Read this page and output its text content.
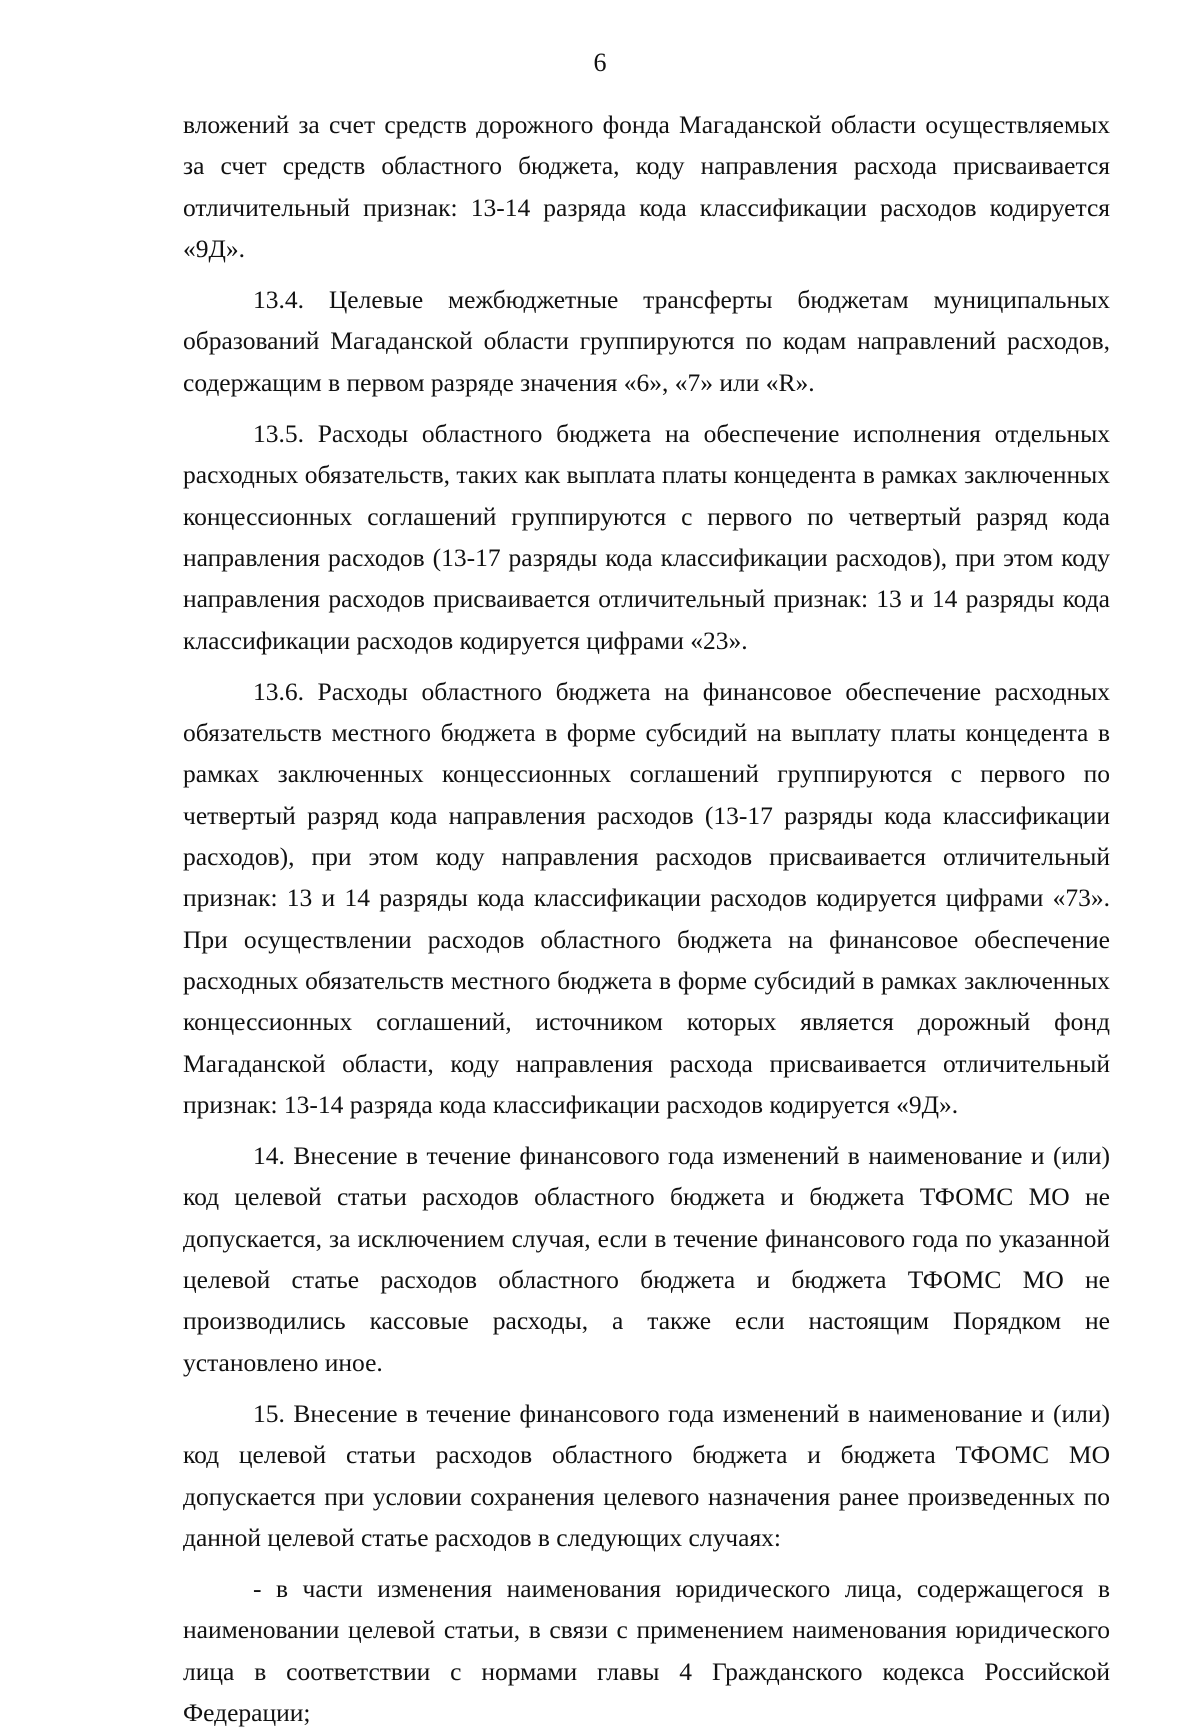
6

вложений за счет средств дорожного фонда Магаданской области осуществляемых за счет средств областного бюджета, коду направления расхода присваивается отличительный признак: 13-14 разряда кода классификации расходов кодируется «9Д».

13.4. Целевые межбюджетные трансферты бюджетам муниципальных образований Магаданской области группируются по кодам направлений расходов, содержащим в первом разряде значения «6», «7» или «R».

13.5. Расходы областного бюджета на обеспечение исполнения отдельных расходных обязательств, таких как выплата платы концедента в рамках заключенных концессионных соглашений группируются с первого по четвертый разряд кода направления расходов (13-17 разряды кода классификации расходов), при этом коду направления расходов присваивается отличительный признак: 13 и 14 разряды кода классификации расходов кодируется цифрами «23».

13.6. Расходы областного бюджета на финансовое обеспечение расходных обязательств местного бюджета в форме субсидий на выплату платы концедента в рамках заключенных концессионных соглашений группируются с первого по четвертый разряд кода направления расходов (13-17 разряды кода классификации расходов), при этом коду направления расходов присваивается отличительный признак: 13 и 14 разряды кода классификации расходов кодируется цифрами «73». При осуществлении расходов областного бюджета на финансовое обеспечение расходных обязательств местного бюджета в форме субсидий в рамках заключенных концессионных соглашений, источником которых является дорожный фонд Магаданской области, коду направления расхода присваивается отличительный признак: 13-14 разряда кода классификации расходов кодируется «9Д».

14. Внесение в течение финансового года изменений в наименование и (или) код целевой статьи расходов областного бюджета и бюджета ТФОМС МО не допускается, за исключением случая, если в течение финансового года по указанной целевой статье расходов областного бюджета и бюджета ТФОМС МО не производились кассовые расходы, а также если настоящим Порядком не установлено иное.

15. Внесение в течение финансового года изменений в наименование и (или) код целевой статьи расходов областного бюджета и бюджета ТФОМС МО допускается при условии сохранения целевого назначения ранее произведенных по данной целевой статье расходов в следующих случаях:

- в части изменения наименования юридического лица, содержащегося в наименовании целевой статьи, в связи с применением наименования юридического лица в соответствии с нормами главы 4 Гражданского кодекса Российской Федерации;
